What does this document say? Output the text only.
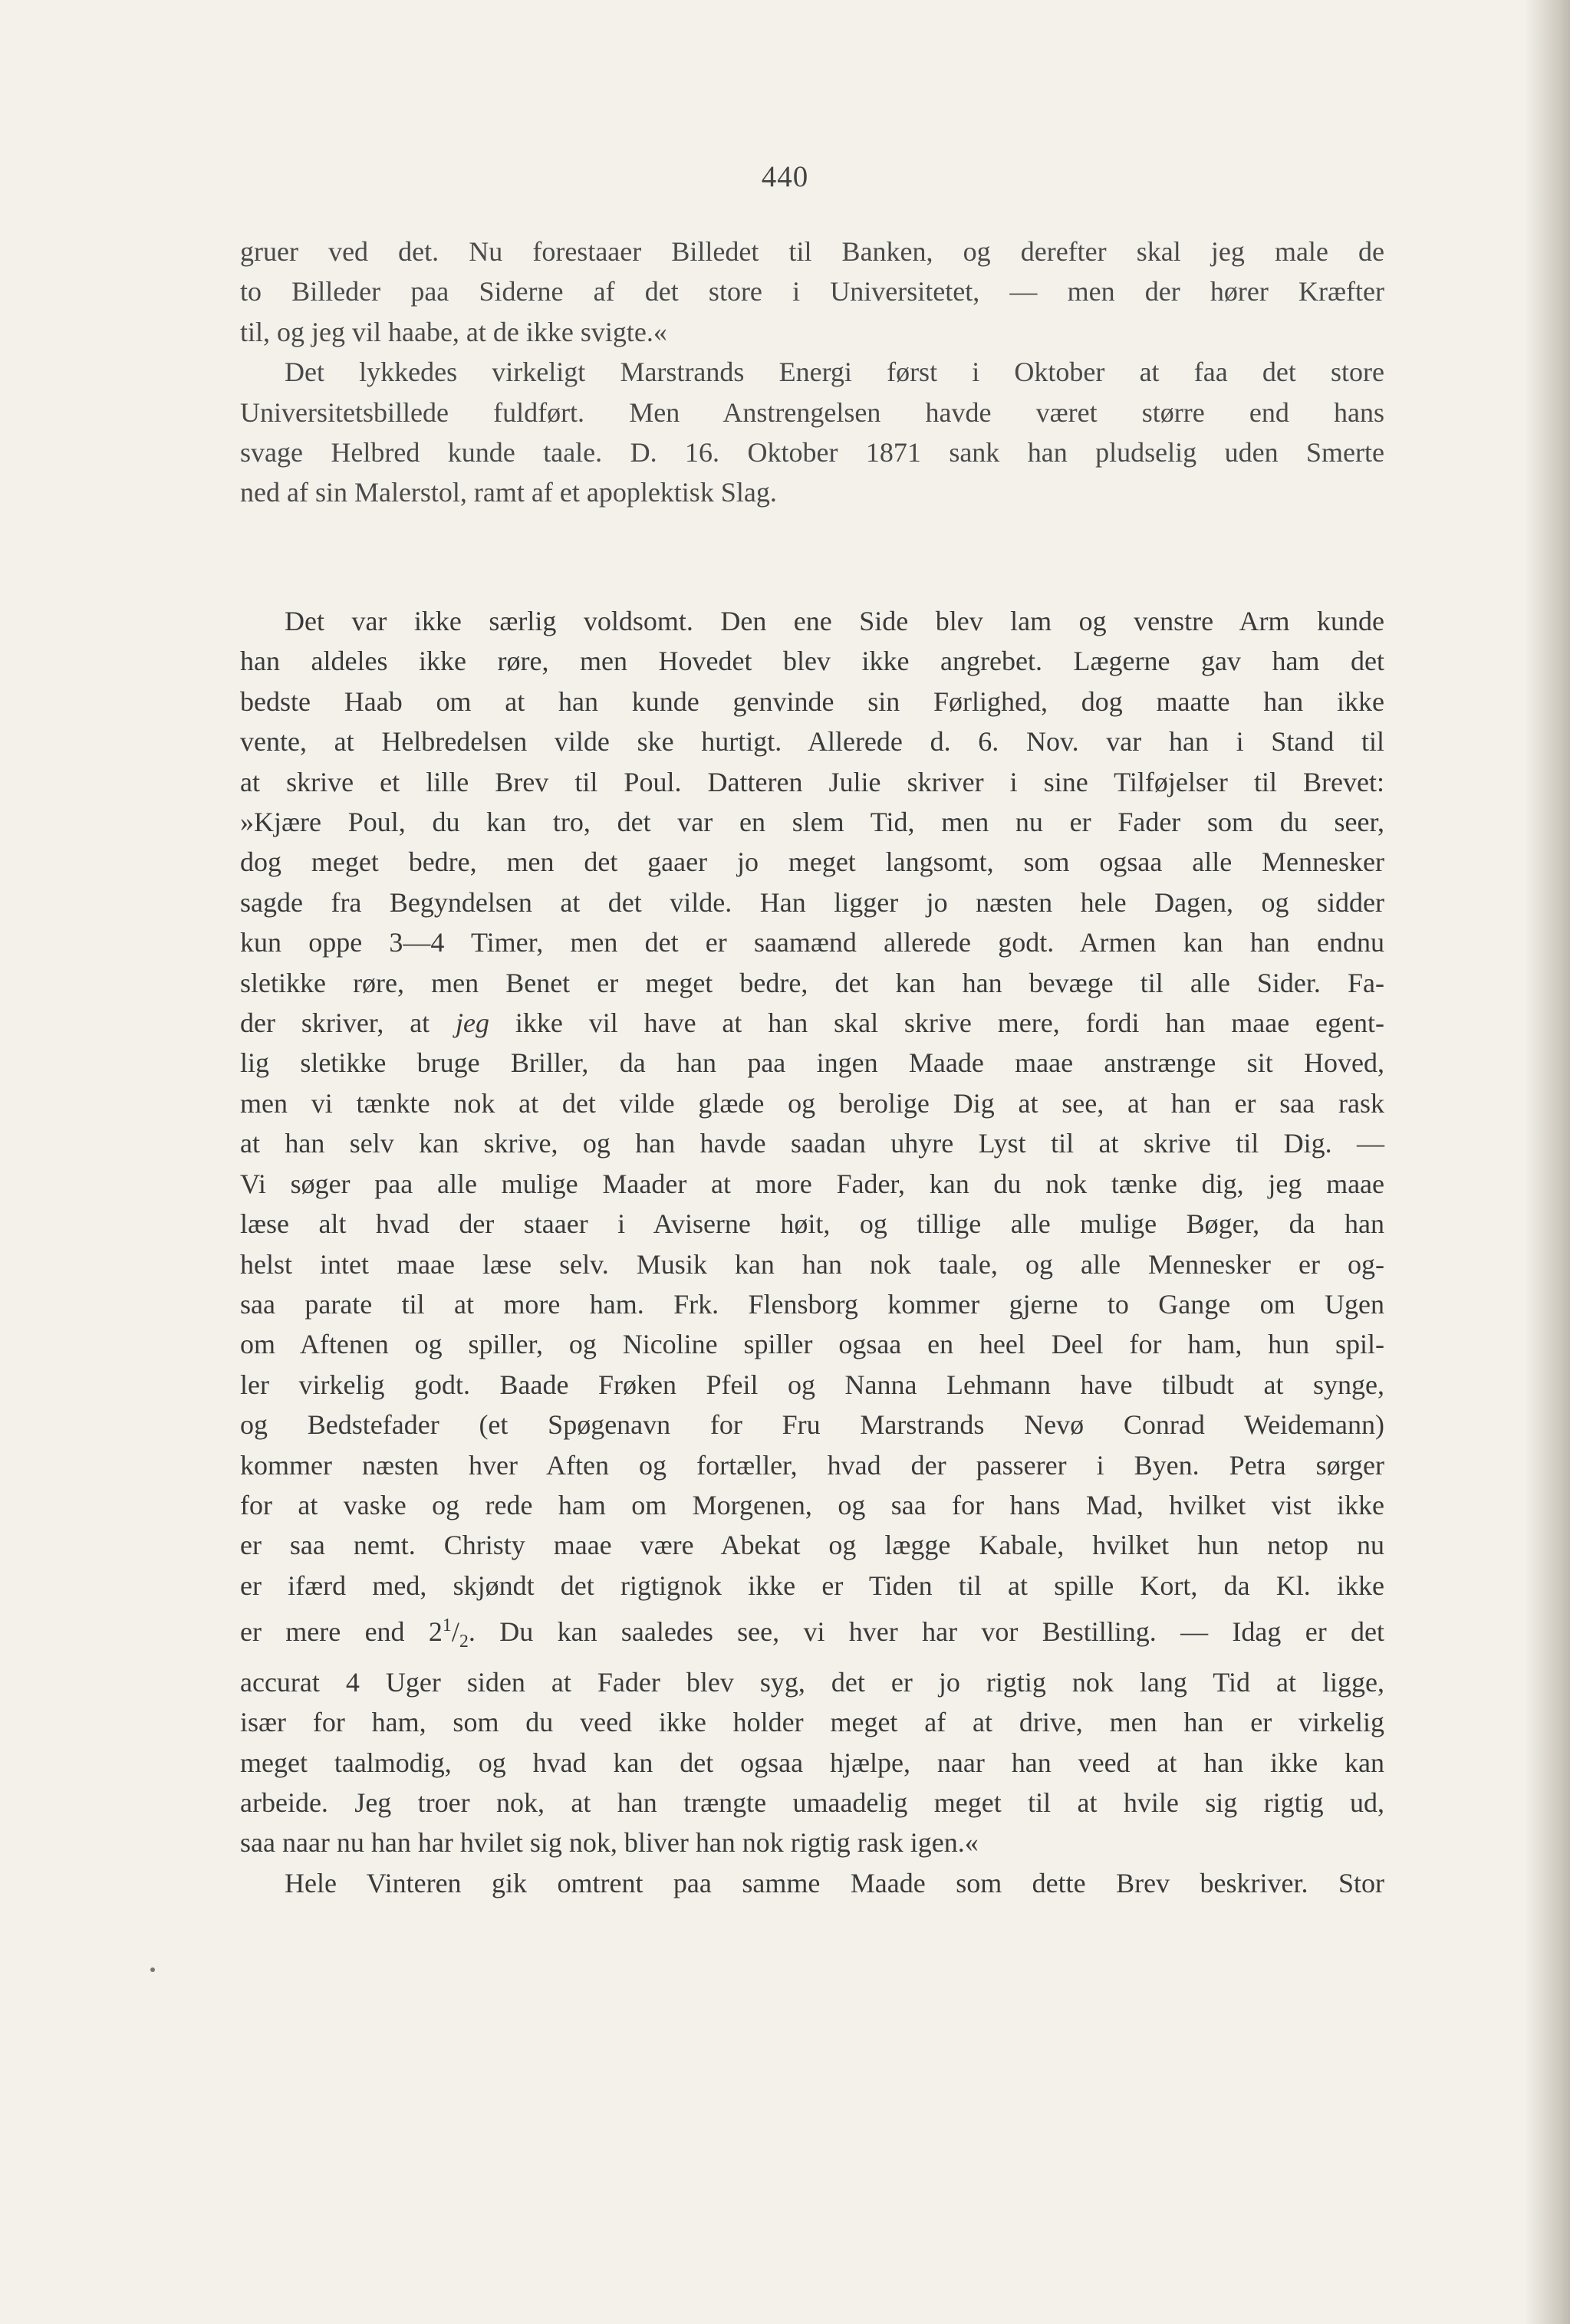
440
gruer ved det. Nu forestaaer Billedet til Banken, og derefter skal jeg male de
to Billeder paa Siderne af det store i Universitetet, — men der hører Kræfter
til, og jeg vil haabe, at de ikke svigte.«
Det lykkedes virkeligt Marstrands Energi først i Oktober at faa det store
Universitetsbillede fuldført. Men Anstrengelsen havde været større end hans
svage Helbred kunde taale. D. 16. Oktober 1871 sank han pludselig uden Smerte
ned af sin Malerstol, ramt af et apoplektisk Slag.
Det var ikke særlig voldsomt. Den ene Side blev lam og venstre Arm kunde
han aldeles ikke røre, men Hovedet blev ikke angrebet. Lægerne gav ham det
bedste Haab om at han kunde genvinde sin Førlighed, dog maatte han ikke
vente, at Helbredelsen vilde ske hurtigt. Allerede d. 6. Nov. var han i Stand til
at skrive et lille Brev til Poul. Datteren Julie skriver i sine Tilføjelser til Brevet:
»Kjære Poul, du kan tro, det var en slem Tid, men nu er Fader som du seer,
dog meget bedre, men det gaaer jo meget langsomt, som ogsaa alle Mennesker
sagde fra Begyndelsen at det vilde. Han ligger jo næsten hele Dagen, og sidder
kun oppe 3—4 Timer, men det er saamænd allerede godt. Armen kan han endnu
sletikke røre, men Benet er meget bedre, det kan han bevæge til alle Sider. Fa-
der skriver, at jeg ikke vil have at han skal skrive mere, fordi han maae egent-
lig sletikke bruge Briller, da han paa ingen Maade maae anstrænge sit Hoved,
men vi tænkte nok at det vilde glæde og berolige Dig at see, at han er saa rask
at han selv kan skrive, og han havde saadan uhyre Lyst til at skrive til Dig. —
Vi søger paa alle mulige Maader at more Fader, kan du nok tænke dig, jeg maae
læse alt hvad der staaer i Aviserne høit, og tillige alle mulige Bøger, da han
helst intet maae læse selv. Musik kan han nok taale, og alle Mennesker er og-
saa parate til at more ham. Frk. Flensborg kommer gjerne to Gange om Ugen
om Aftenen og spiller, og Nicoline spiller ogsaa en heel Deel for ham, hun spil-
ler virkelig godt. Baade Frøken Pfeil og Nanna Lehmann have tilbudt at synge,
og Bedstefader (et Spøgenavn for Fru Marstrands Nevø Conrad Weidemann)
kommer næsten hver Aften og fortæller, hvad der passerer i Byen. Petra sørger
for at vaske og rede ham om Morgenen, og saa for hans Mad, hvilket vist ikke
er saa nemt. Christy maae være Abekat og lægge Kabale, hvilket hun netop nu
er ifærd med, skjøndt det rigtignok ikke er Tiden til at spille Kort, da Kl. ikke
er mere end $2^1/_2$. Du kan saaledes see, vi hver har vor Bestilling. — Idag er det
accurat 4 Uger siden at Fader blev syg, det er jo rigtig nok lang Tid at ligge,
især for ham, som du veed ikke holder meget af at drive, men han er virkelig
meget taalmodig, og hvad kan det ogsaa hjælpe, naar han veed at han ikke kan
arbeide. Jeg troer nok, at han trængte umaadelig meget til at hvile sig rigtig ud,
saa naar nu han har hvilet sig nok, bliver han nok rigtig rask igen.«
Hele Vinteren gik omtrent paa samme Maade som dette Brev beskriver. Stor
